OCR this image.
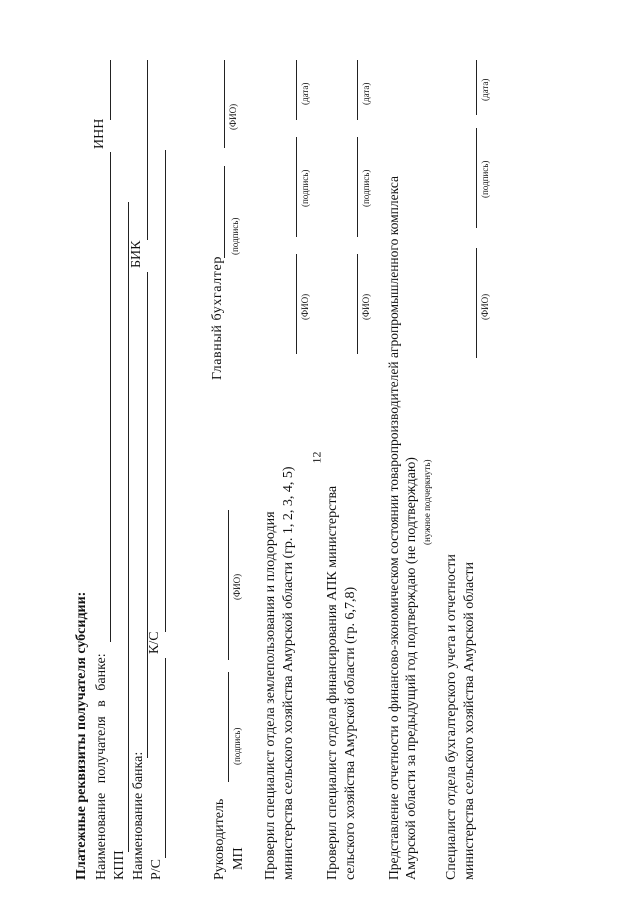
12
Платежные реквизиты получателя субсидии: Наименование получателя в банке:
ИНН
КПП Наименование банка:
БИК
Р/С
К/С
Руководитель
Главный бухгалтер
МП
(подпись)
(ФИО)
(подпись)
(ФИО)
Проверил специалист отдела землепользования и плодородия министерства сельского хозяйства Амурской области (гр. 1, 2, 3, 4, 5)
(ФИО)
(подпись)
(дата)
Проверил специалист отдела финансирования АПК министерства сельского хозяйства Амурской области (гр. 6,7,8)
(ФИО)
(подпись)
(дата)
Представление отчетности о финансово-экономическом состоянии товаропроизводителей агропромышленного комплекса Амурской области за предыдущий год подтверждаю (не подтверждаю) (нужное подчеркнуть)
Специалист отдела бухгалтерского учета и отчетности министерства сельского хозяйства Амурской области
(ФИО)
(подпись)
(дата)
